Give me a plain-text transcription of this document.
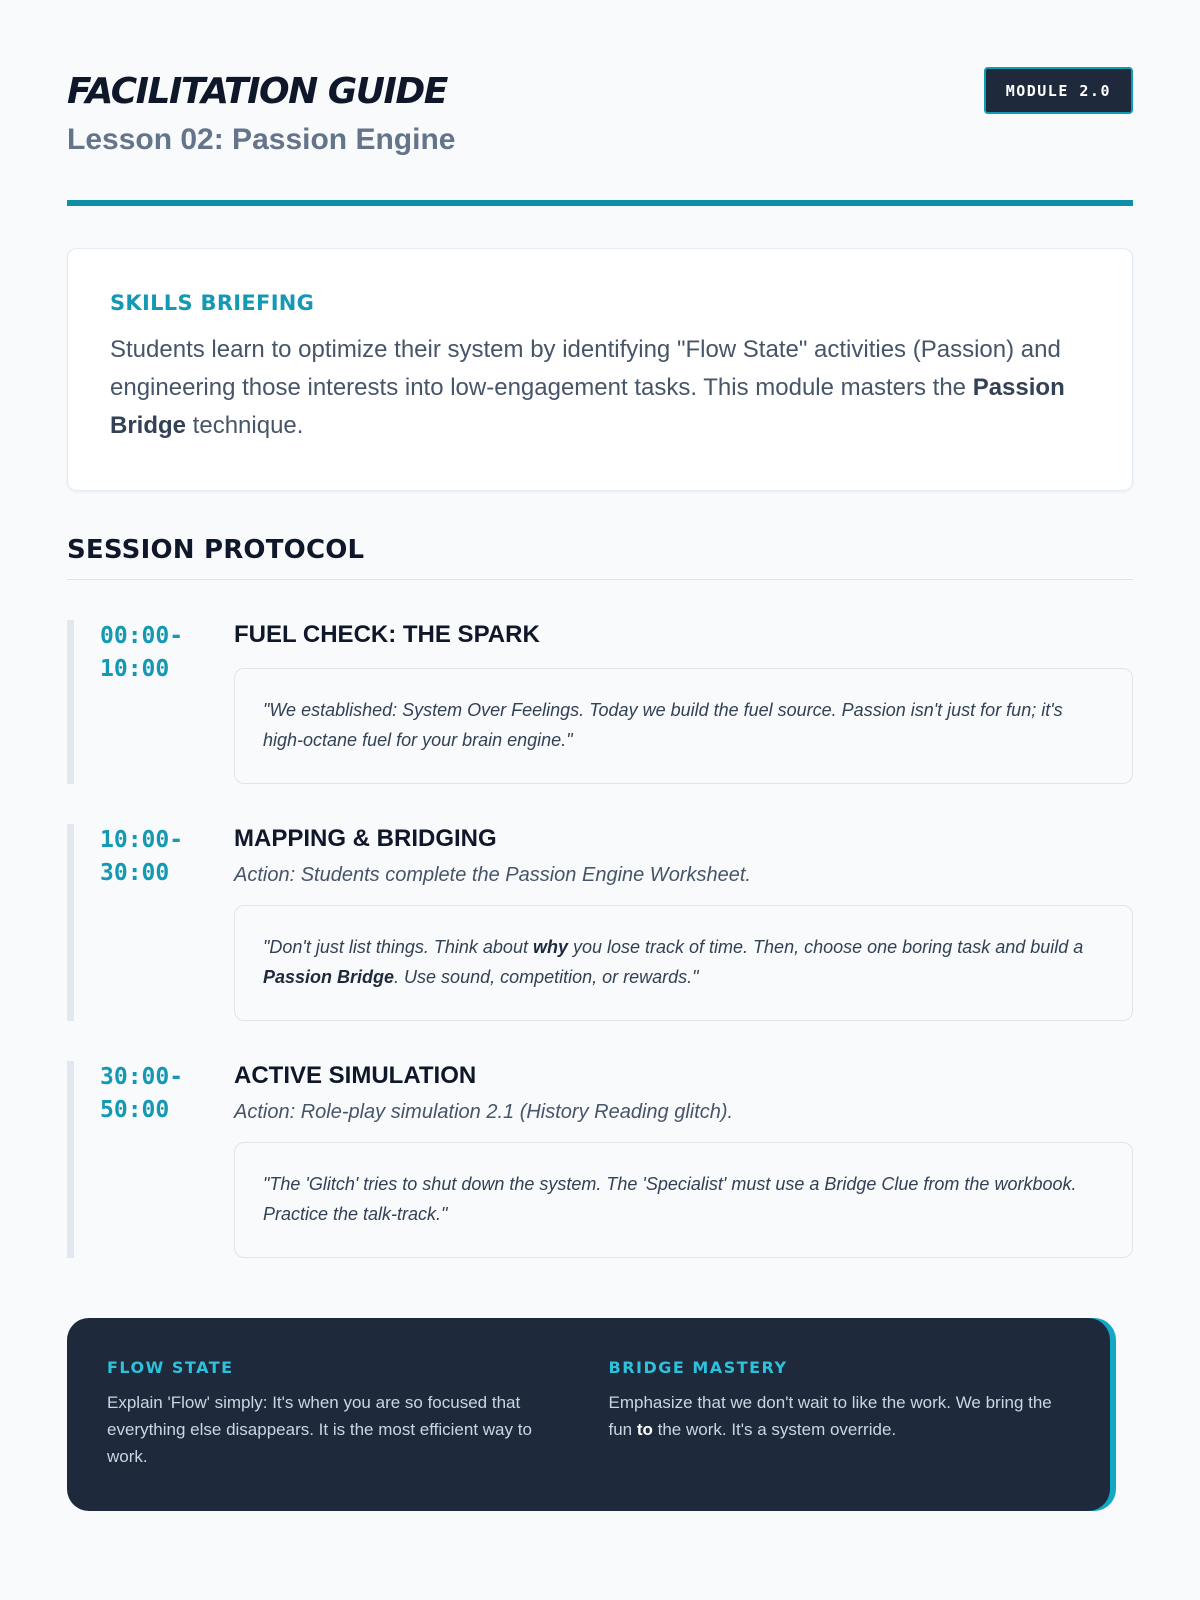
FACILITATION GUIDE
Lesson 02: Passion Engine
MODULE 2.0
SKILLS BRIEFING

Students learn to optimize their system by identifying "Flow State" activities (Passion) and engineering those interests into low-engagement tasks. This module masters the Passion Bridge technique.

SESSION PROTOCOL
00:00-
10:00
FUEL CHECK: THE SPARK
"We established: System Over Feelings. Today we build the fuel source. Passion isn't just for fun; it's high-octane fuel for your brain engine."
10:00-
30:00
MAPPING & BRIDGING
Action: Students complete the Passion Engine Worksheet.
"Don't just list things. Think about why you lose track of time. Then, choose one boring task and build a Passion Bridge. Use sound, competition, or rewards."
30:00-
50:00
ACTIVE SIMULATION
Action: Role-play simulation 2.1 (History Reading glitch).
"The 'Glitch' tries to shut down the system. The 'Specialist' must use a Bridge Clue from the workbook. Practice the talk-track."
FLOW STATE

Explain 'Flow' simply: It's when you are so focused that everything else disappears. It is the most efficient way to work.

BRIDGE MASTERY

Emphasize that we don't wait to like the work. We bring the fun to the work. It's a system override.
